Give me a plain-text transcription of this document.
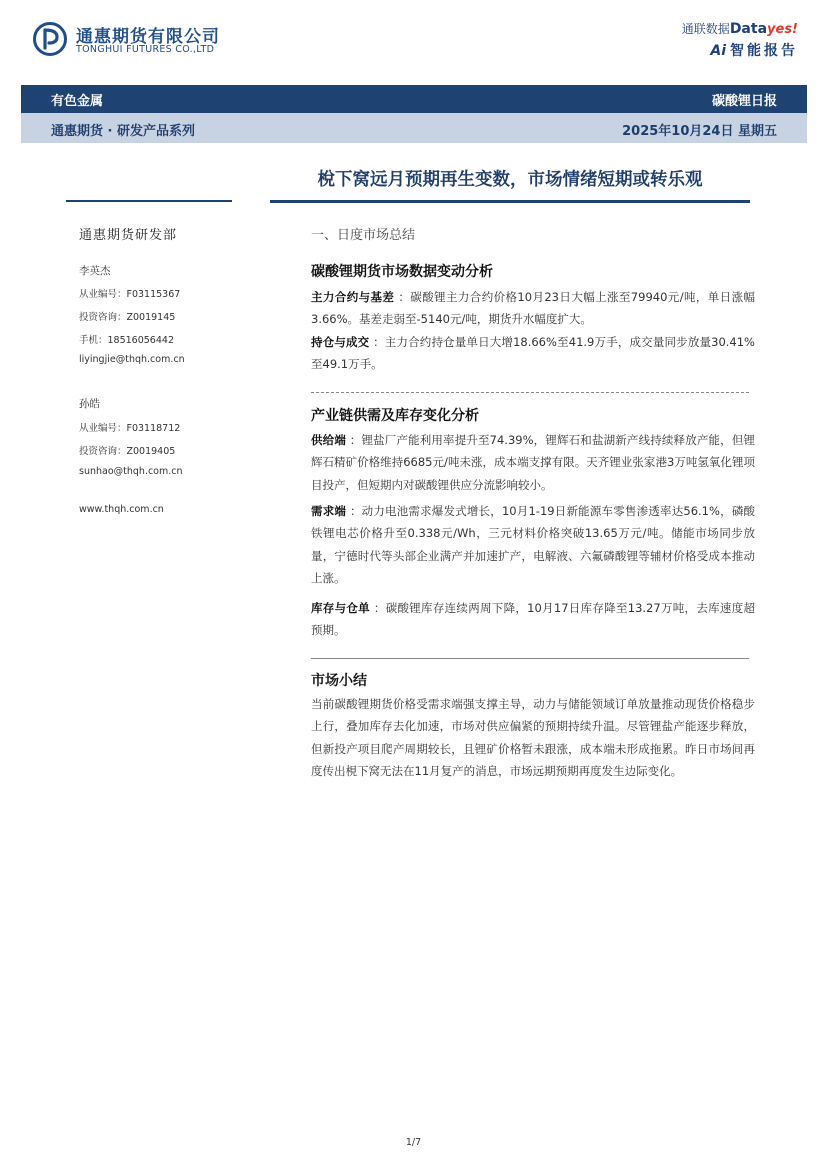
通惠期货有限公司
TONGHUI FUTURES CO.,LTD
通联数据Datayes!
Ai 智能报告
有色金属	碳酸锂日报
通惠期货 · 研发产品系列	2025年10月24日 星期五
梲下窝远月预期再生变数，市场情绪短期或转乐观
通惠期货研发部
李英杰
从业编号：F03115367
投资咨询：Z0019145
手机：18516056442
liyingjie@thqh.com.cn
孙皓
从业编号：F03118712
投资咨询：Z0019405
sunhao@thqh.com.cn
www.thqh.com.cn
一、日度市场总结
碳酸锂期货市场数据变动分析
主力合约与基差 ：碳酸锂主力合约价格10月23日大幅上涨至79940元/吨，单日涨幅3.66%。基差走弱至-5140元/吨，期货升水幅度扩大。
持仓与成交 ：主力合约持仓量单日大增18.66%至41.9万手，成交量同步放量30.41%至49.1万手。
产业链供需及库存变化分析
供给端 ：锂盐厂产能利用率提升至74.39%，锂辉石和盐湖新产线持续释放产能，但锂辉石精矿价格维持6685元/吨未涨，成本端支撑有限。天齐锂业张家港3万吨氢氧化锂项目投产，但短期内对碳酸锂供应分流影响较小。
需求端 ：动力电池需求爆发式增长，10月1-19日新能源车零售渗透率达56.1%，磷酸铁锂电芯价格升至0.338元/Wh，三元材料价格突破13.65万元/吨。储能市场同步放量，宁德时代等头部企业满产并加速扩产，电解液、六氟磷酸锂等辅材价格受成本推动上涨。
库存与仓单 ：碳酸锂库存连续两周下降，10月17日库存降至13.27万吨，去库速度超预期。
市场小结
当前碳酸锂期货价格受需求端强支撑主导，动力与储能领域订单放量推动现货价格稳步上行，叠加库存去化加速，市场对供应偏紧的预期持续升温。尽管锂盐产能逐步释放，但新投产项目爬产周期较长，且锂矿价格暂未跟涨，成本端未形成拖累。昨日市场间再度传出梘下窝无法在11月复产的消息，市场远期预期再度发生边际变化。
1/7
